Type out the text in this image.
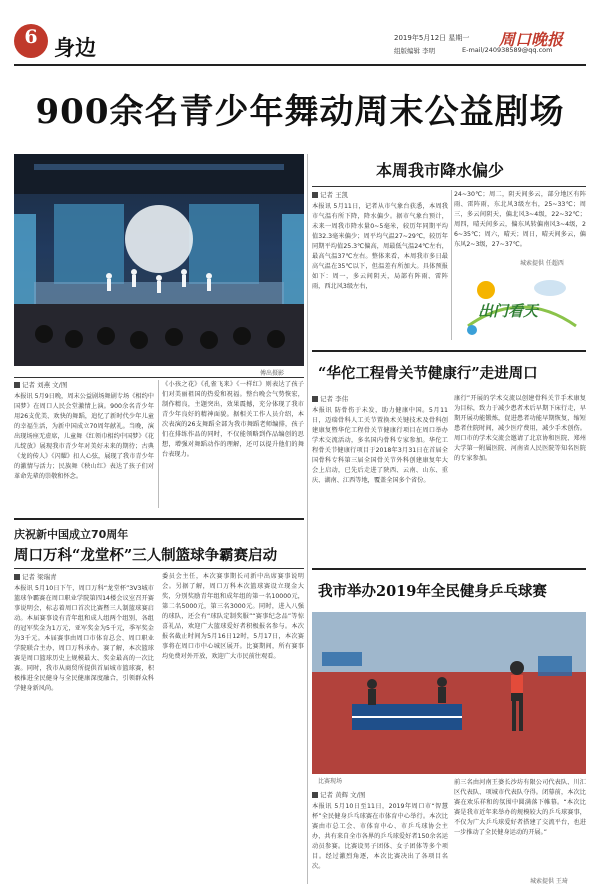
6 身边	2019年5月12日 星期一 周口晚报
组版编辑 李明	E-mail/240938589@qq.com
900余名青少年舞动周末公益剧场
傅出摄影
记者 刘燕 文/图
本报讯 5月9日晚，周末公益剧场舞剧专场《相约中国梦》在周口人民会堂激情上演。900余名青少年用26支优美、欢快的舞蹈，追忆了新时代少年儿童的幸福生活，为新中国成立70周年献礼。当晚，演出现场座无虚席，儿童舞《红领巾相约中国梦》《花儿绽放》展现我市青少年对美好未来的期待；古典《龙的传人》《闪耀》扣人心弦，展现了我市青少年的激情与活力；民族舞《秧山红》表达了孩子们对革命先辈的崇敬和怀念。
《小孩之花》《孔雀飞来》《一样红》则表达了孩子们对美丽祖国的热爱和祝福。整台晚会气势恢宏，制作精良，主题突出，效果震撼，充分体现了我市青少年良好的精神面貌。据相关工作人员介绍，本次表演的26支舞蹈全部为我市舞蹈老师编排，孩子们在排练作品的同时，不仅能领略到作品编创的思想，增强对舞蹈动作的理解，还可以提升他们的舞台表现力。
本周我市降水偏少
记者 王凯
本报讯 5月11日，记者从市气象台获悉，本周我市气温有所下降，降水偏少。据市气象台预计，未来一周我市降水量0~5毫米，较历年同期平均值32.3毫米偏少；周平均气温27~29℃，较历年同期平均值25.3℃偏高，周最低气温24℃左右，最高气温37℃左右。整体来看，本周我市多日最高气温在35℃以下，但温差有所加大。具体预报如下：周一，多云间阴天，局部有阵雨、雷阵雨，西北风3级左右，
24~30℃；周二，阴天间多云，部分地区有阵雨、雷阵雨，东北风3级左右，25~33℃；周三，多云间阴天，偏北风3~4级，22~32℃；周四，晴天间多云，偏东风转偏南风3~4级，26~35℃；周六，晴天；周日，晴天间多云，偏东风2~3级，27~37℃。
城索提供 任超西
出门看天
“华佗工程骨关节健康行”走进周口
记者 李伟
本报讯 防骨伤于未发，助力健康中国。5月11日，迈瑞骨科人工关节置换术关键技术及骨科创建康复暨华佗工程骨关节健康行项目在周口举办学术交流活动，多名国内骨科专家参加。华佗工程骨关节健康行项目于2018年3月31日在首届全国骨科专科第三届全国骨关节外科创建康复年大会上启动，已先后走进了陕西、云南、山东、重庆、湖南、江西等地，覆盖全国多个省份。
康行”开展的学术交流以创建骨科关节手术康复为目标，致力于减少患者术后早期下床行走，早期开展功能锻炼，促进患者功能早期恢复，缩短患者住院时间，减少医疗费用，减少手术创伤。周口市的学术交流会邀请了北京协和医院、郑州大学第一附属医院、河南省人民医院等知名医院的专家参加。
庆祝新中国成立70周年
周口万科“龙堂杯”三人制篮球争霸赛启动
记者 梁瑞青
本报讯 5月10日下午，周口万科“龙堂杯”3V3城市篮球争霸赛在周口职业学院第四14楼会议室召开赛事说明会，标志着周口首次比赛暨三人制篮球赛启动。本届赛事设有青年组和成人组两个组别，各组的冠军奖金为1万元，亚军奖金为5千元，季军奖金为3千元。本届赛事由周口市体育总会、周口职业学院联合主办，周口万科承办。赛了解，本次篮球赛是周口篮球历史上规模最大、奖金最高的一次比赛。同时，我市从商贸所提供首届城市篮球赛，积极推进全民健身与全民健康深度融合，引领群众科学健身新风尚。
委员会主任，本次赛事期长司新中出席赛事说明会。另据了解，周口万科本次篮球赛设立现金大奖，分别奖励青年组和成年组的第一名10000元，第二名5000元，第三名3000元。同时，进入八强的球队，还会有“球队定制奖服”“赛事纪念品”等惊喜礼品，欢迎广大篮球爱好者积极报名参与。本次报名截止时间为5月16日12时，5月17日，本次赛事将在周口市中心城区展开。比赛期间，所有赛事均免费对外开放，欢迎广大市民前往观看。
我市举办2019年全民健身乒乓球赛
比赛现场
记者 黄辉 文/图
本报讯 5月10日至11日，2019年周口市“智慧杯”全民健身乒乓球赛在市体育中心举行。本次比赛由市总工会、市体育中心、市乒乓球协会主办，共有来自全市各界的乒乓球爱好者150余名运动员参赛。比赛设男子团体、女子团体等多个项目。经过激烈角逐，本次比赛决出了各项目名次。
前三名由河南王婆长沙坊有限公司代表队、川汇区代表队、项城市代表队夺得。闭幕前，本次比赛在欢乐祥和的氛围中圆满落下帷幕。“本次比赛是我市近年来举办的规模较大的乒乓球赛事，不仅为广大乒乓球爱好者搭建了交流平台，也进一步推动了全民健身运动的开展。”
城索提供 王琦
